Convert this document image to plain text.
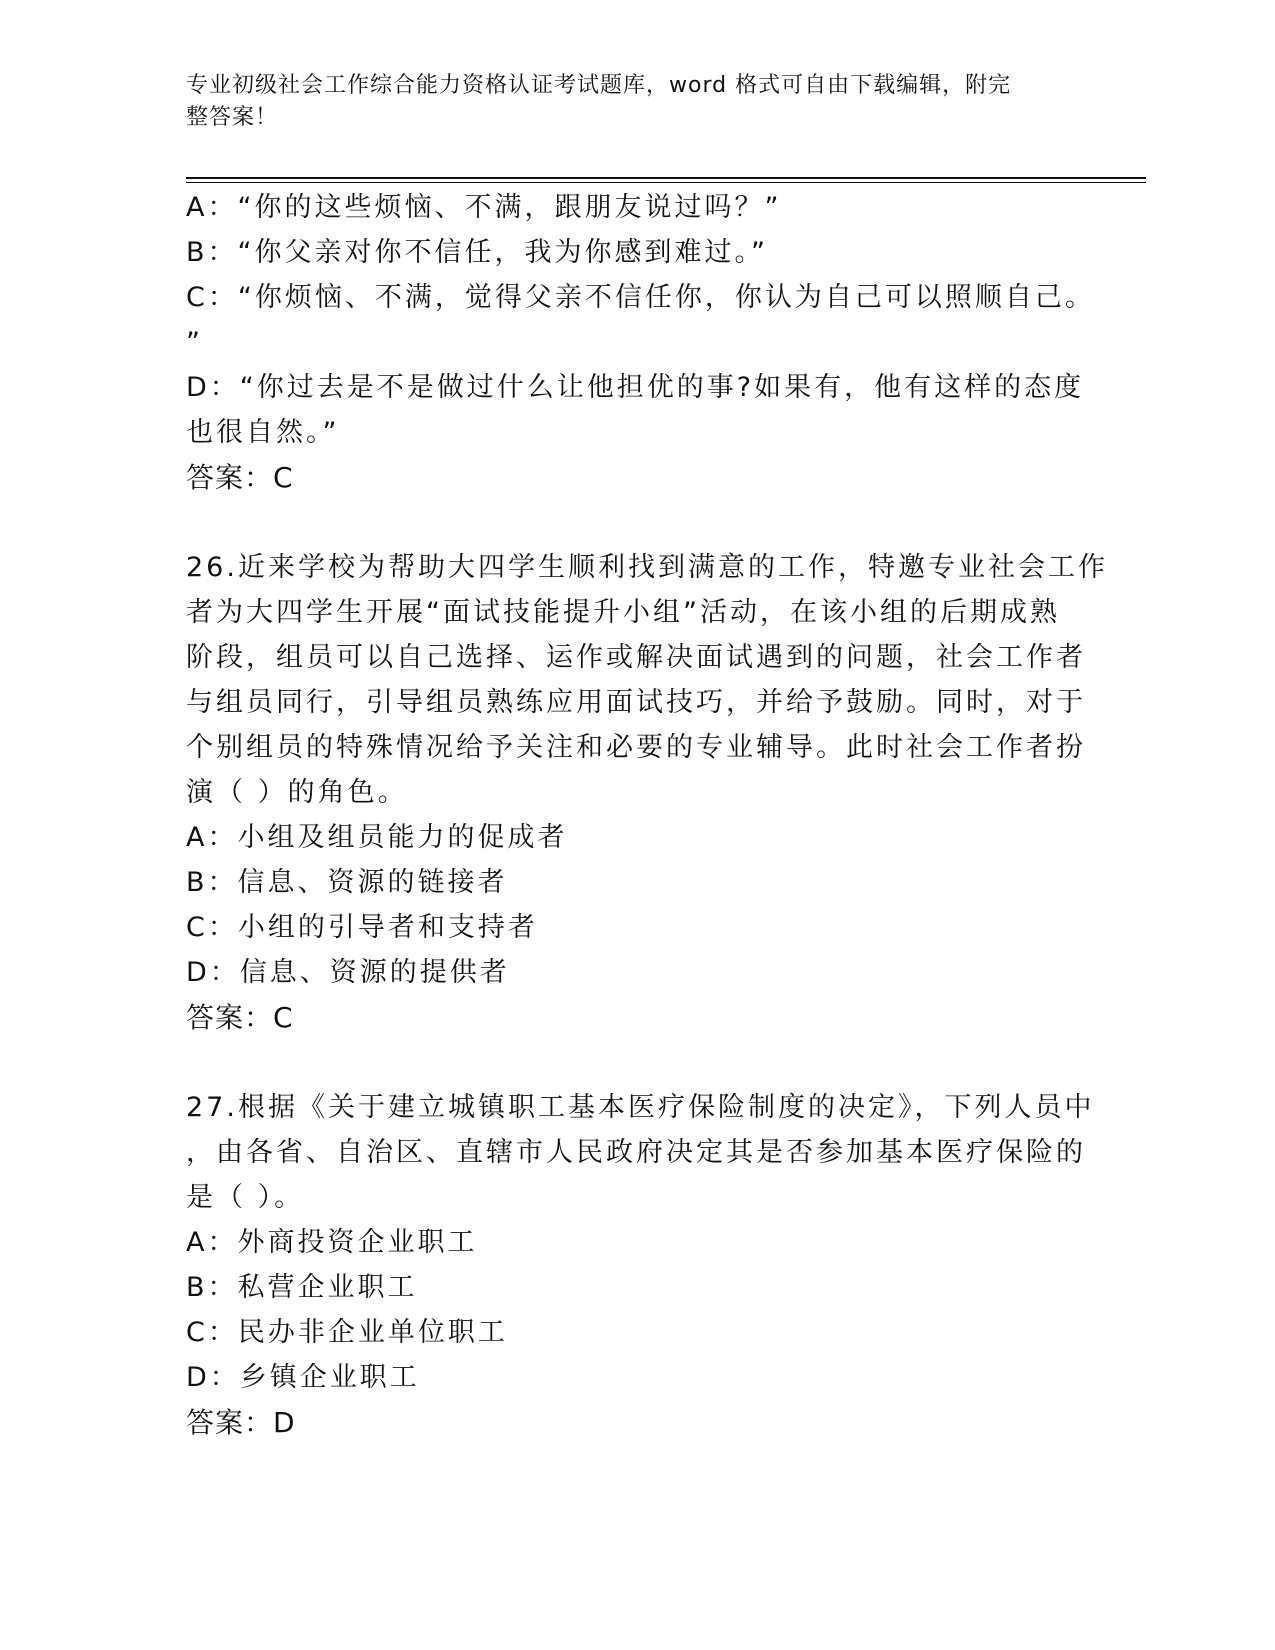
专业初级社会工作综合能力资格认证考试题库，word 格式可自由下载编辑，附完
整答案！
A：“你的这些烦恼、不满，跟朋友说过吗？”
B：“你父亲对你不信任，我为你感到难过。”
C：“你烦恼、不满，觉得父亲不信任你，你认为自己可以照顺自己。
”
D：“你过去是不是做过什么让他担优的事?如果有，他有这样的态度
也很自然。”
答案：C
26.近来学校为帮助大四学生顺利找到满意的工作，特邀专业社会工作
者为大四学生开展“面试技能提升小组”活动，在该小组的后期成熟
阶段，组员可以自己选择、运作或解决面试遇到的问题，社会工作者
与组员同行，引导组员熟练应用面试技巧，并给予鼓励。同时，对于
个别组员的特殊情况给予关注和必要的专业辅导。此时社会工作者扮
演（ ）的角色。
A：小组及组员能力的促成者
B：信息、资源的链接者
C：小组的引导者和支持者
D：信息、资源的提供者
答案：C
27.根据《关于建立城镇职工基本医疗保险制度的决定》，下列人员中
，由各省、自治区、直辖市人民政府决定其是否参加基本医疗保险的
是（ ）。
A：外商投资企业职工
B：私营企业职工
C：民办非企业单位职工
D：乡镇企业职工
答案：D
